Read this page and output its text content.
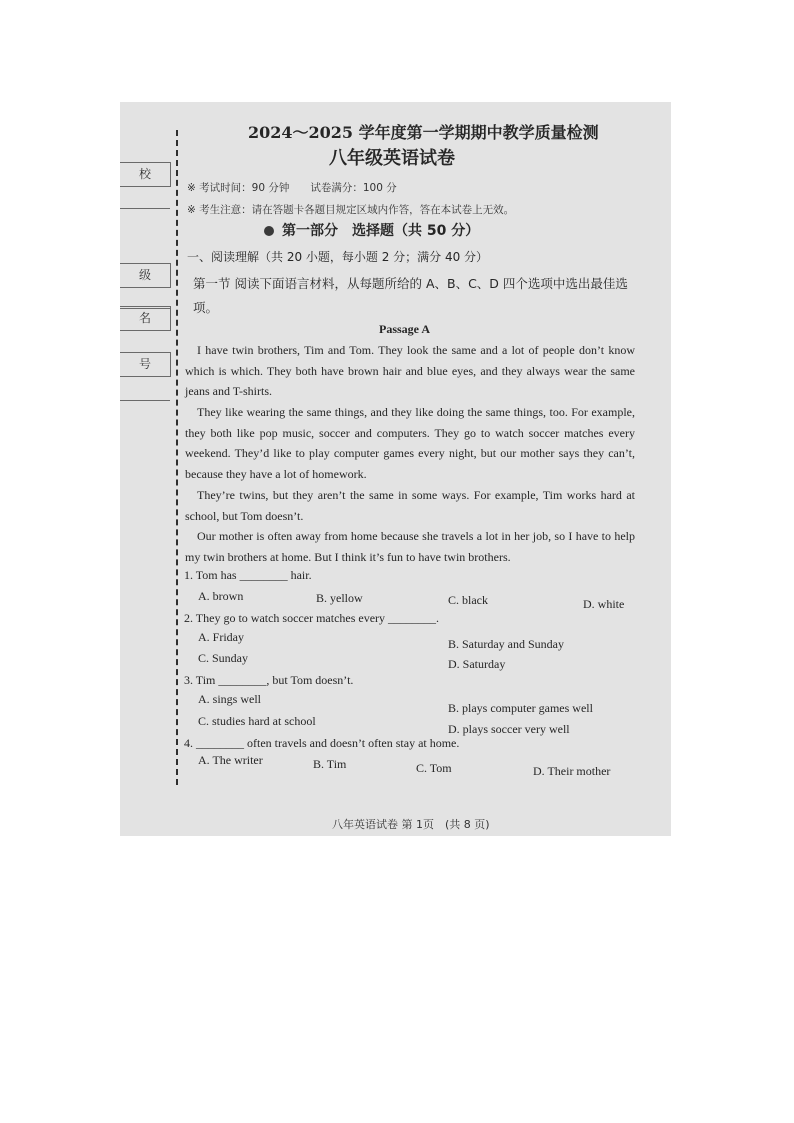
校
级
名
号
2024～2025 学年度第一学期期中教学质量检测
八年级英语试卷
※ 考试时间：90 分钟　　试卷满分：100 分
※ 考生注意：请在答题卡各题目规定区域内作答，答在本试卷上无效。
第一部分　选择题（共 50 分）
一、阅读理解（共 20 小题，每小题 2 分；满分 40 分）
第一节 阅读下面语言材料，从每题所给的 A、B、C、D 四个选项中选出最佳选项。
Passage A
I have twin brothers, Tim and Tom. They look the same and a lot of people don’t know which is which. They both have brown hair and blue eyes, and they always wear the same jeans and T-shirts.
They like wearing the same things, and they like doing the same things, too. For example, they both like pop music, soccer and computers. They go to watch soccer matches every weekend. They’d like to play computer games every night, but our mother says they can’t, because they have a lot of homework.
They’re twins, but they aren’t the same in some ways. For example, Tim works hard at school, but Tom doesn’t.
Our mother is often away from home because she travels a lot in her job, so I have to help my twin brothers at home. But I think it’s fun to have twin brothers.
1. Tom has ________ hair.
A. brown	B. yellow	C. black	D. white
2. They go to watch soccer matches every ________.
A. Friday	B. Saturday and Sunday
C. Sunday	D. Saturday
3. Tim ________, but Tom doesn’t.
A. sings well
B. plays computer games well
C. studies hard at school
D. plays soccer very well
4. ________ often travels and doesn’t often stay at home.
A. The writer	B. Tim	C. Tom	D. Their mother
八年英语试卷 第 1页　(共 8 页)
